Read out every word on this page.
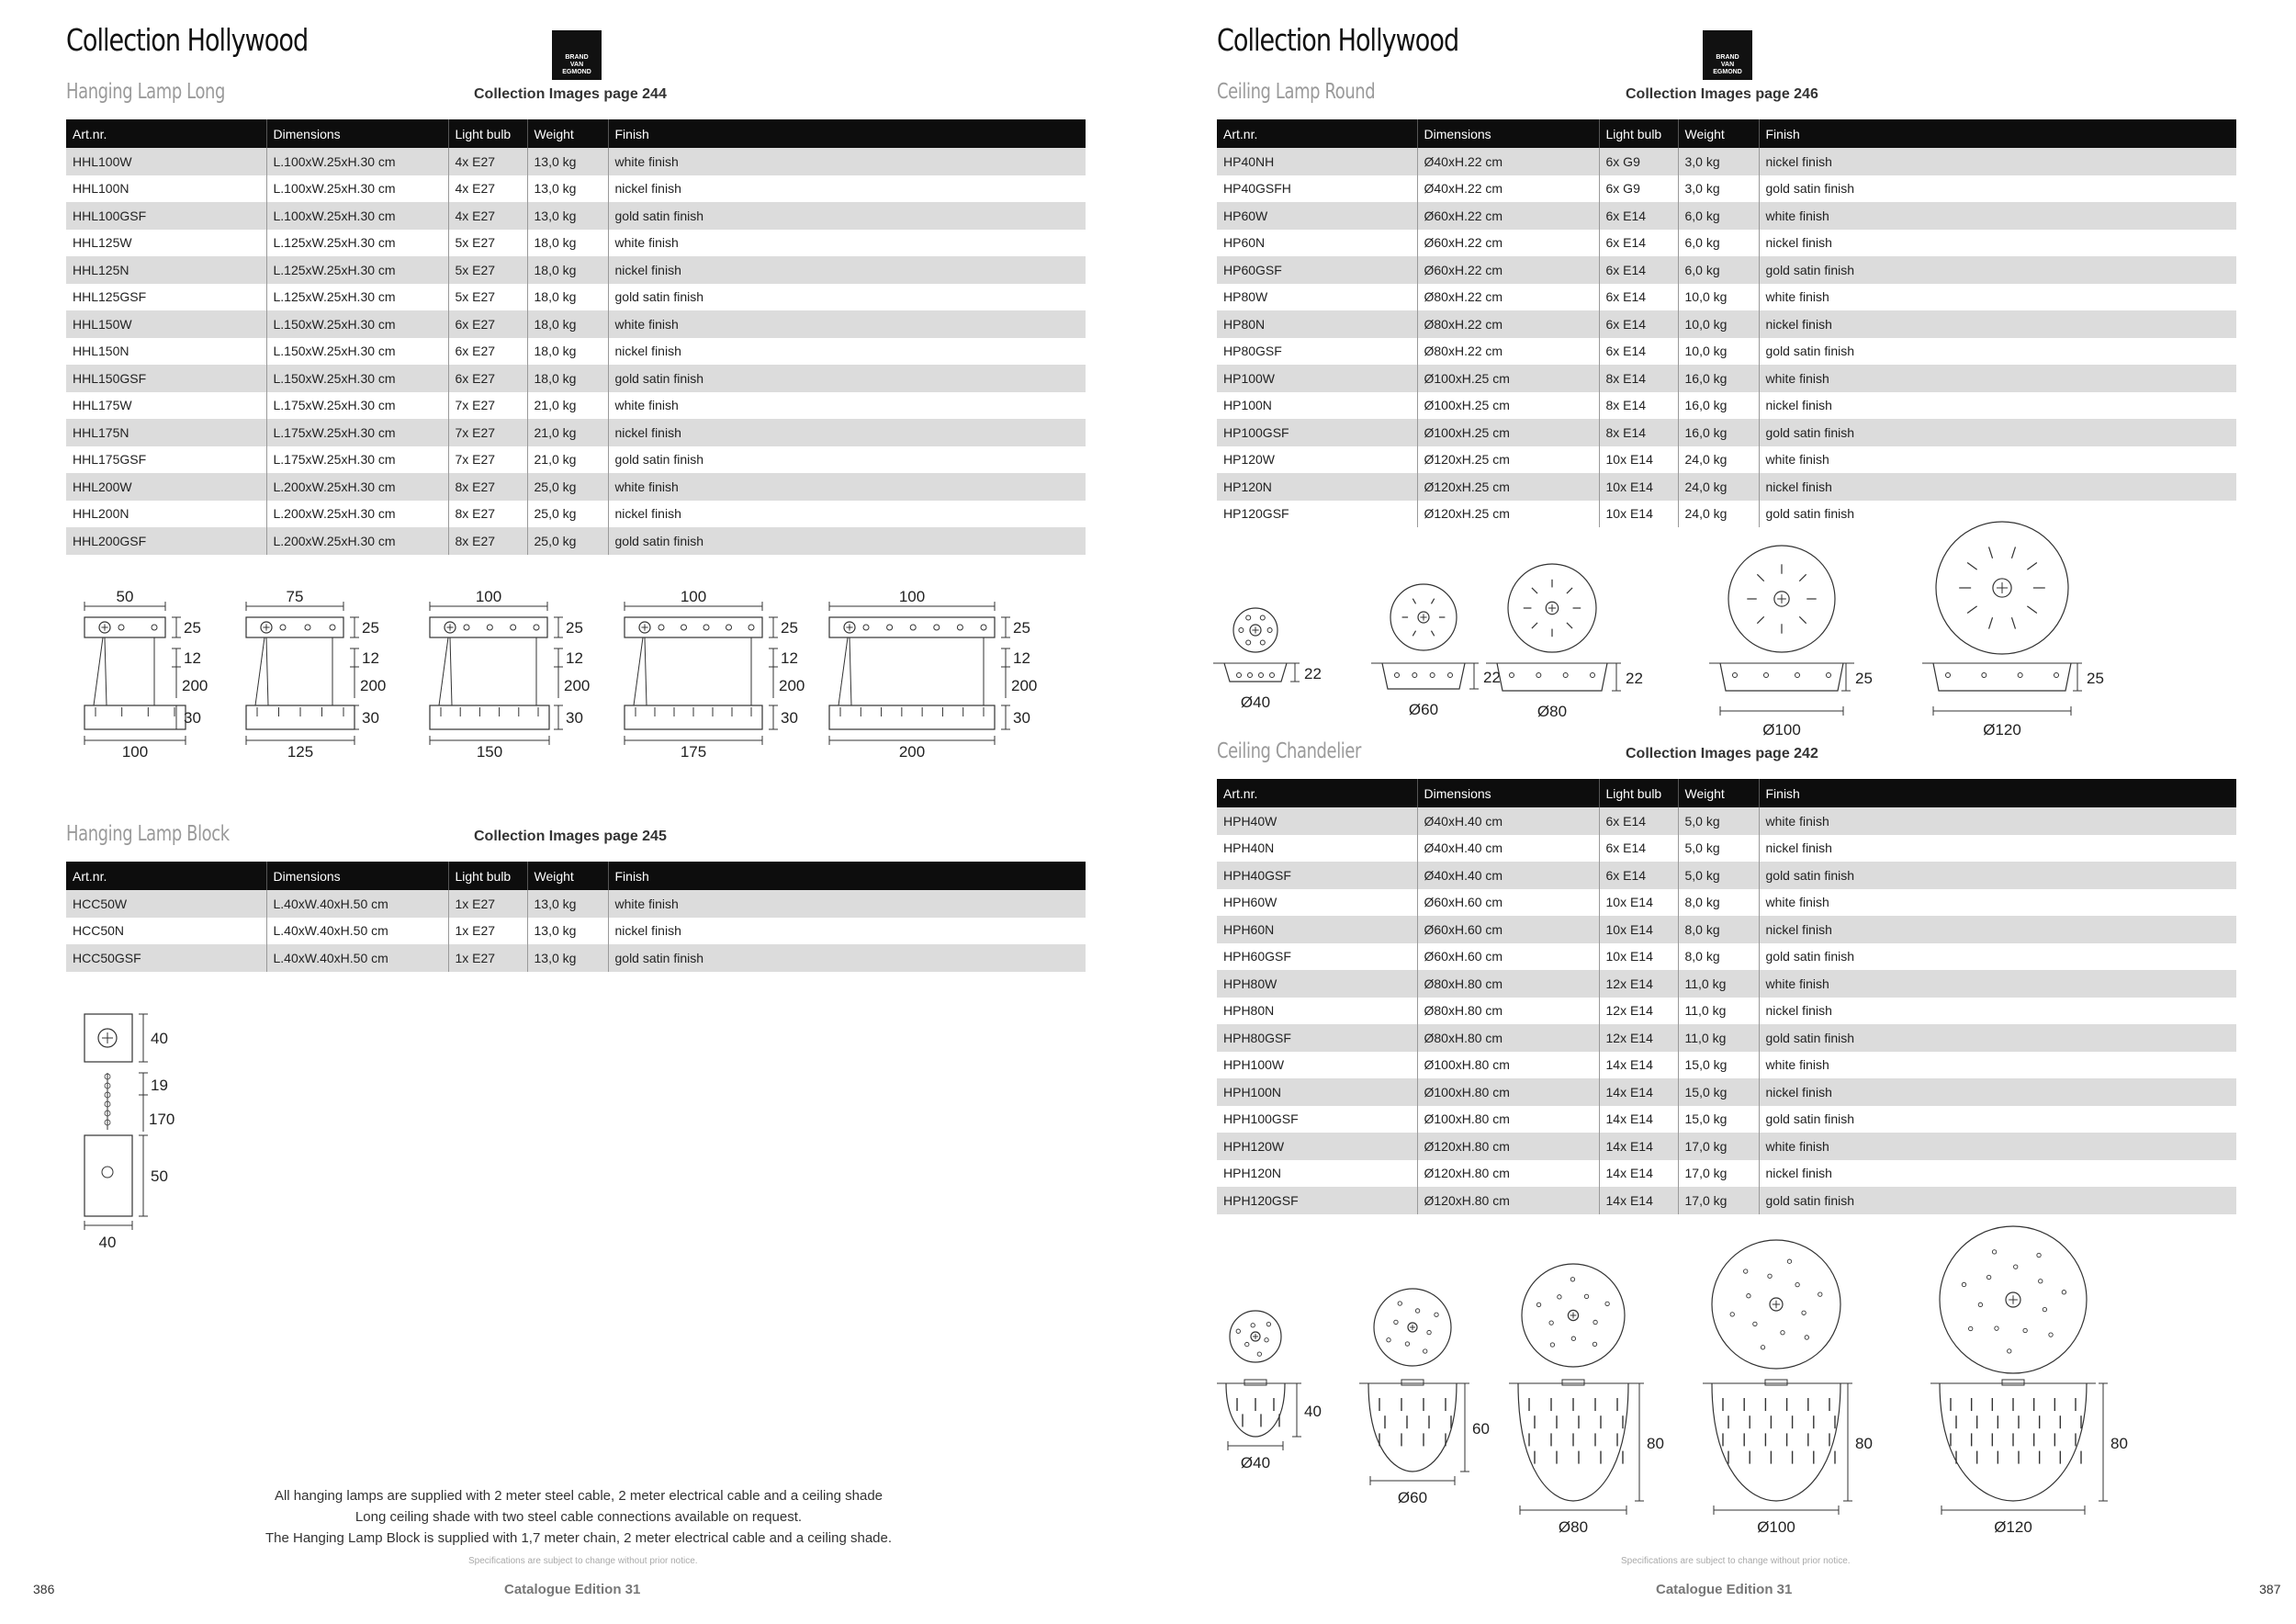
Collection Hollywood	BRAND
VAN
EGMOND
Hanging Lamp Long	Collection Images page 244
Art.nr.	Dimensions	Light bulb	Weight	Finish
HHL100W	L.100xW.25xH.30 cm	4x E27	13,0 kg	white finish
HHL100N	L.100xW.25xH.30 cm	4x E27	13,0 kg	nickel finish
HHL100GSF	L.100xW.25xH.30 cm	4x E27	13,0 kg	gold satin finish
HHL125W	L.125xW.25xH.30 cm	5x E27	18,0 kg	white finish
HHL125N	L.125xW.25xH.30 cm	5x E27	18,0 kg	nickel finish
HHL125GSF	L.125xW.25xH.30 cm	5x E27	18,0 kg	gold satin finish
HHL150W	L.150xW.25xH.30 cm	6x E27	18,0 kg	white finish
HHL150N	L.150xW.25xH.30 cm	6x E27	18,0 kg	nickel finish
HHL150GSF	L.150xW.25xH.30 cm	6x E27	18,0 kg	gold satin finish
HHL175W	L.175xW.25xH.30 cm	7x E27	21,0 kg	white finish
HHL175N	L.175xW.25xH.30 cm	7x E27	21,0 kg	nickel finish
HHL175GSF	L.175xW.25xH.30 cm	7x E27	21,0 kg	gold satin finish
HHL200W	L.200xW.25xH.30 cm	8x E27	25,0 kg	white finish
HHL200N	L.200xW.25xH.30 cm	8x E27	25,0 kg	nickel finish
HHL200GSF	L.200xW.25xH.30 cm	8x E27	25,0 kg	gold satin finish
50
100
25
12
200
30
75
125
25
12
200
30
100
150
25
12
200
30
100
175
25
12
200
30
100
200
25
12
200
30
Hanging Lamp Block	Collection Images page 245
Art.nr.	Dimensions	Light bulb	Weight	Finish
HCC50W	L.40xW.40xH.50 cm	1x E27	13,0 kg	white finish
HCC50N	L.40xW.40xH.50 cm	1x E27	13,0 kg	nickel finish
HCC50GSF	L.40xW.40xH.50 cm	1x E27	13,0 kg	gold satin finish
40
19
170
50
40
All hanging lamps are supplied with 2 meter steel cable, 2 meter electrical cable and a ceiling shade
Long ceiling shade with two steel cable connections available on request.
The Hanging Lamp Block is supplied with 1,7 meter chain, 2 meter electrical cable and a ceiling shade.
Specifications are subject to change without prior notice.
Catalogue Edition 31
386
Collection Hollywood	BRAND
VAN
EGMOND
Ceiling Lamp Round	Collection Images page 246
Art.nr.	Dimensions	Light bulb	Weight	Finish
HP40NH	Ø40xH.22 cm	6x G9	3,0 kg	nickel finish
HP40GSFH	Ø40xH.22 cm	6x G9	3,0 kg	gold satin finish
HP60W	Ø60xH.22 cm	6x E14	6,0 kg	white finish
HP60N	Ø60xH.22 cm	6x E14	6,0 kg	nickel finish
HP60GSF	Ø60xH.22 cm	6x E14	6,0 kg	gold satin finish
HP80W	Ø80xH.22 cm	6x E14	10,0 kg	white finish
HP80N	Ø80xH.22 cm	6x E14	10,0 kg	nickel finish
HP80GSF	Ø80xH.22 cm	6x E14	10,0 kg	gold satin finish
HP100W	Ø100xH.25 cm	8x E14	16,0 kg	white finish
HP100N	Ø100xH.25 cm	8x E14	16,0 kg	nickel finish
HP100GSF	Ø100xH.25 cm	8x E14	16,0 kg	gold satin finish
HP120W	Ø120xH.25 cm	10x E14	24,0 kg	white finish
HP120N	Ø120xH.25 cm	10x E14	24,0 kg	nickel finish
HP120GSF	Ø120xH.25 cm	10x E14	24,0 kg	gold satin finish
22
Ø40
22
Ø60
22
Ø80
25
Ø100
25
Ø120
Ceiling Chandelier	Collection Images page 242
Art.nr.	Dimensions	Light bulb	Weight	Finish
HPH40W	Ø40xH.40 cm	6x E14	5,0 kg	white finish
HPH40N	Ø40xH.40 cm	6x E14	5,0 kg	nickel finish
HPH40GSF	Ø40xH.40 cm	6x E14	5,0 kg	gold satin finish
HPH60W	Ø60xH.60 cm	10x E14	8,0 kg	white finish
HPH60N	Ø60xH.60 cm	10x E14	8,0 kg	nickel finish
HPH60GSF	Ø60xH.60 cm	10x E14	8,0 kg	gold satin finish
HPH80W	Ø80xH.80 cm	12x E14	11,0 kg	white finish
HPH80N	Ø80xH.80 cm	12x E14	11,0 kg	nickel finish
HPH80GSF	Ø80xH.80 cm	12x E14	11,0 kg	gold satin finish
HPH100W	Ø100xH.80 cm	14x E14	15,0 kg	white finish
HPH100N	Ø100xH.80 cm	14x E14	15,0 kg	nickel finish
HPH100GSF	Ø100xH.80 cm	14x E14	15,0 kg	gold satin finish
HPH120W	Ø120xH.80 cm	14x E14	17,0 kg	white finish
HPH120N	Ø120xH.80 cm	14x E14	17,0 kg	nickel finish
HPH120GSF	Ø120xH.80 cm	14x E14	17,0 kg	gold satin finish
40
Ø40
60
Ø60
80
Ø80
80
Ø100
80
Ø120
Specifications are subject to change without prior notice.
Catalogue Edition 31	387
